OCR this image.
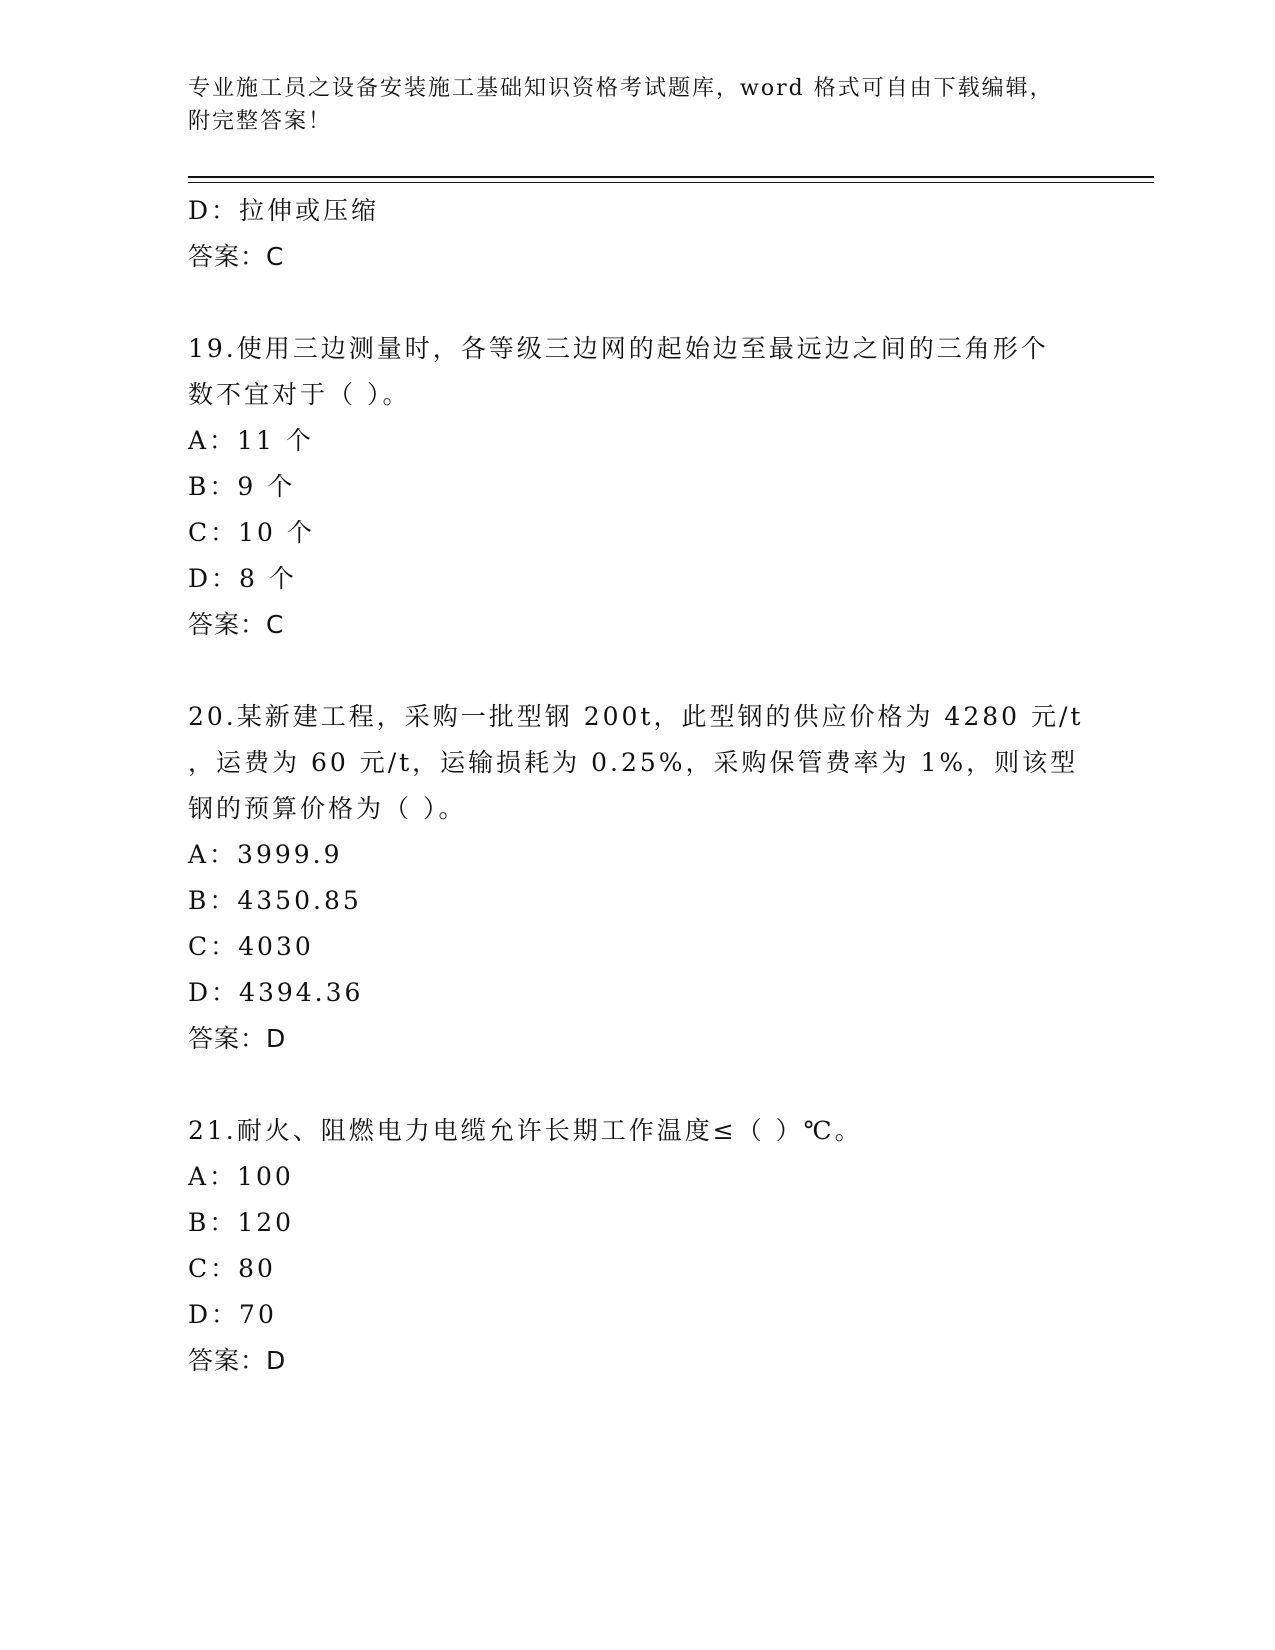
专业施工员之设备安装施工基础知识资格考试题库，word 格式可自由下载编辑，
附完整答案！
D：拉伸或压缩
答案：C
19.使用三边测量时，各等级三边网的起始边至最远边之间的三角形个
数不宜对于（ ）。
A：11 个
B：9 个
C：10 个
D：8 个
答案：C
20.某新建工程，采购一批型钢 200t，此型钢的供应价格为 4280 元/t
，运费为 60 元/t，运输损耗为 0.25%，采购保管费率为 1%，则该型
钢的预算价格为（ ）。
A：3999.9
B：4350.85
C：4030
D：4394.36
答案：D
21.耐火、阻燃电力电缆允许长期工作温度≤（ ）℃。
A：100
B：120
C：80
D：70
答案：D
